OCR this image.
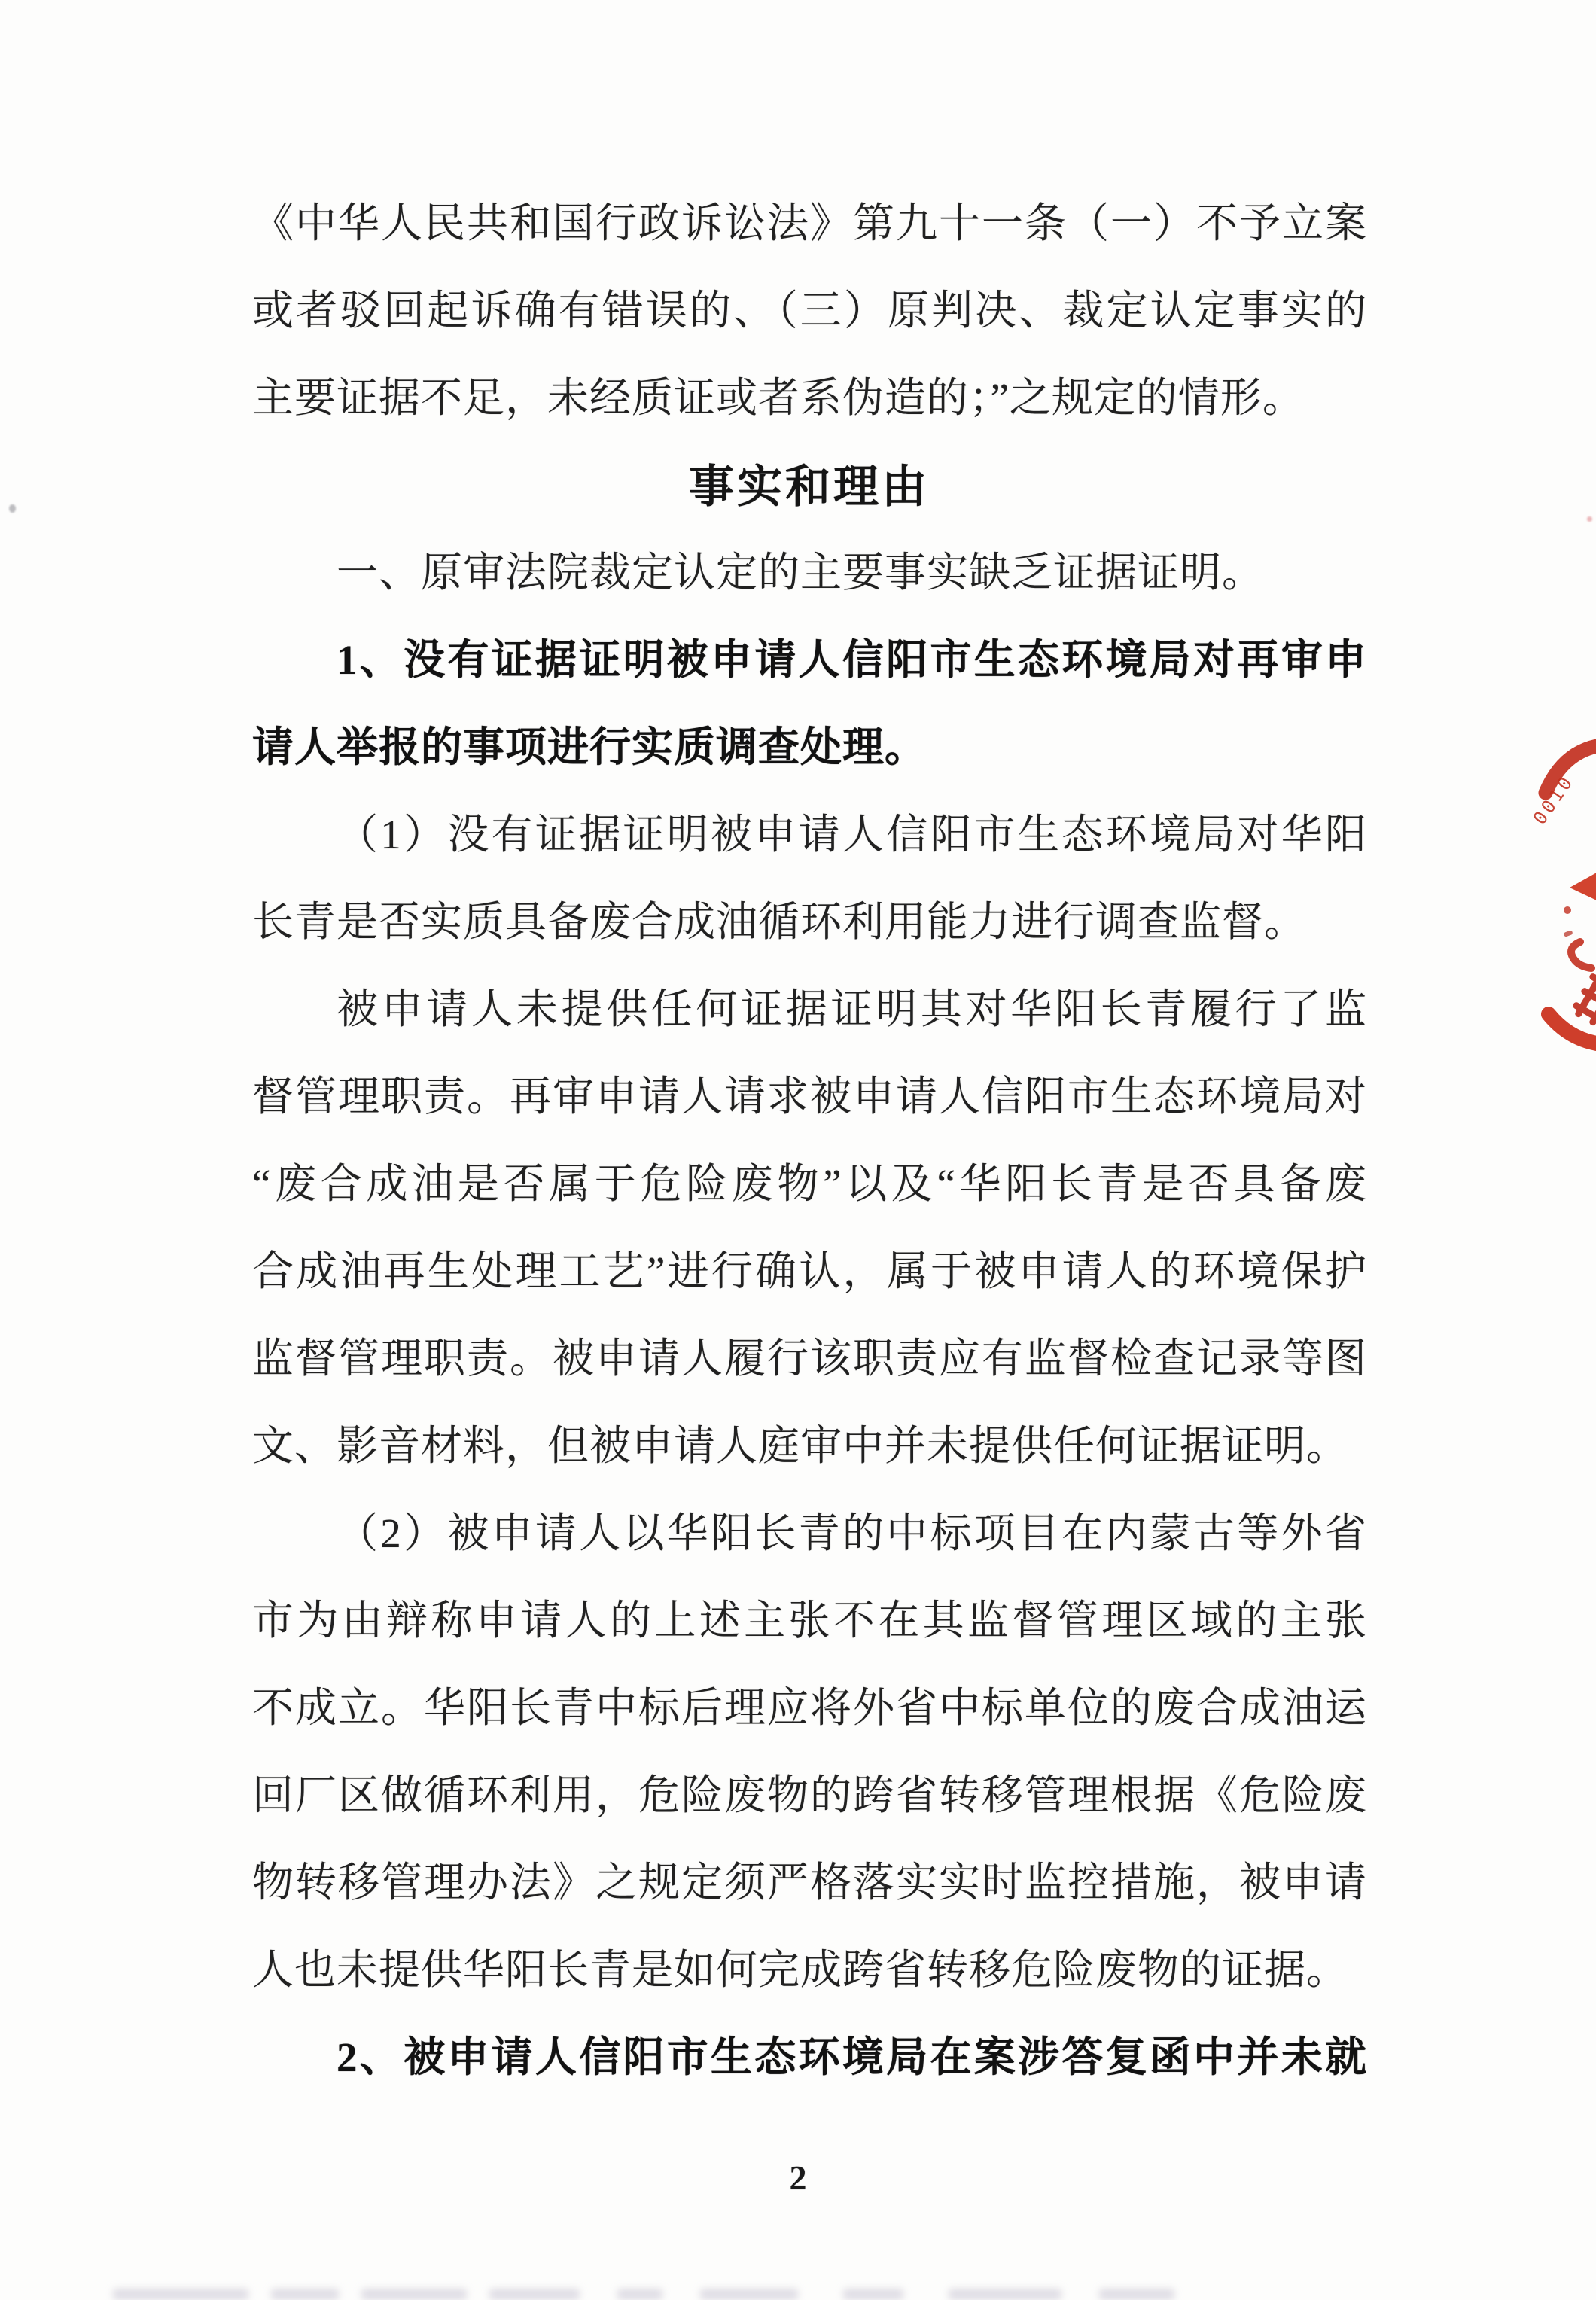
《中华人民共和国行政诉讼法》第九十一条（一）不予立案
或者驳回起诉确有错误的、（三）原判决、裁定认定事实的
主要证据不足，未经质证或者系伪造的；”之规定的情形。
事实和理由
一、原审法院裁定认定的主要事实缺乏证据证明。
1、没有证据证明被申请人信阳市生态环境局对再审申
请人举报的事项进行实质调查处理。
（1）没有证据证明被申请人信阳市生态环境局对华阳
长青是否实质具备废合成油循环利用能力进行调查监督。
被申请人未提供任何证据证明其对华阳长青履行了监
督管理职责。再审申请人请求被申请人信阳市生态环境局对
“废合成油是否属于危险废物”以及“华阳长青是否具备废
合成油再生处理工艺”进行确认，属于被申请人的环境保护
监督管理职责。被申请人履行该职责应有监督检查记录等图
文、影音材料，但被申请人庭审中并未提供任何证据证明。
（2）被申请人以华阳长青的中标项目在内蒙古等外省
市为由辩称申请人的上述主张不在其监督管理区域的主张
不成立。华阳长青中标后理应将外省中标单位的废合成油运
回厂区做循环利用，危险废物的跨省转移管理根据《危险废
物转移管理办法》之规定须严格落实实时监控措施，被申请
人也未提供华阳长青是如何完成跨省转移危险废物的证据。
2、被申请人信阳市生态环境局在案涉答复函中并未就
2
0010
